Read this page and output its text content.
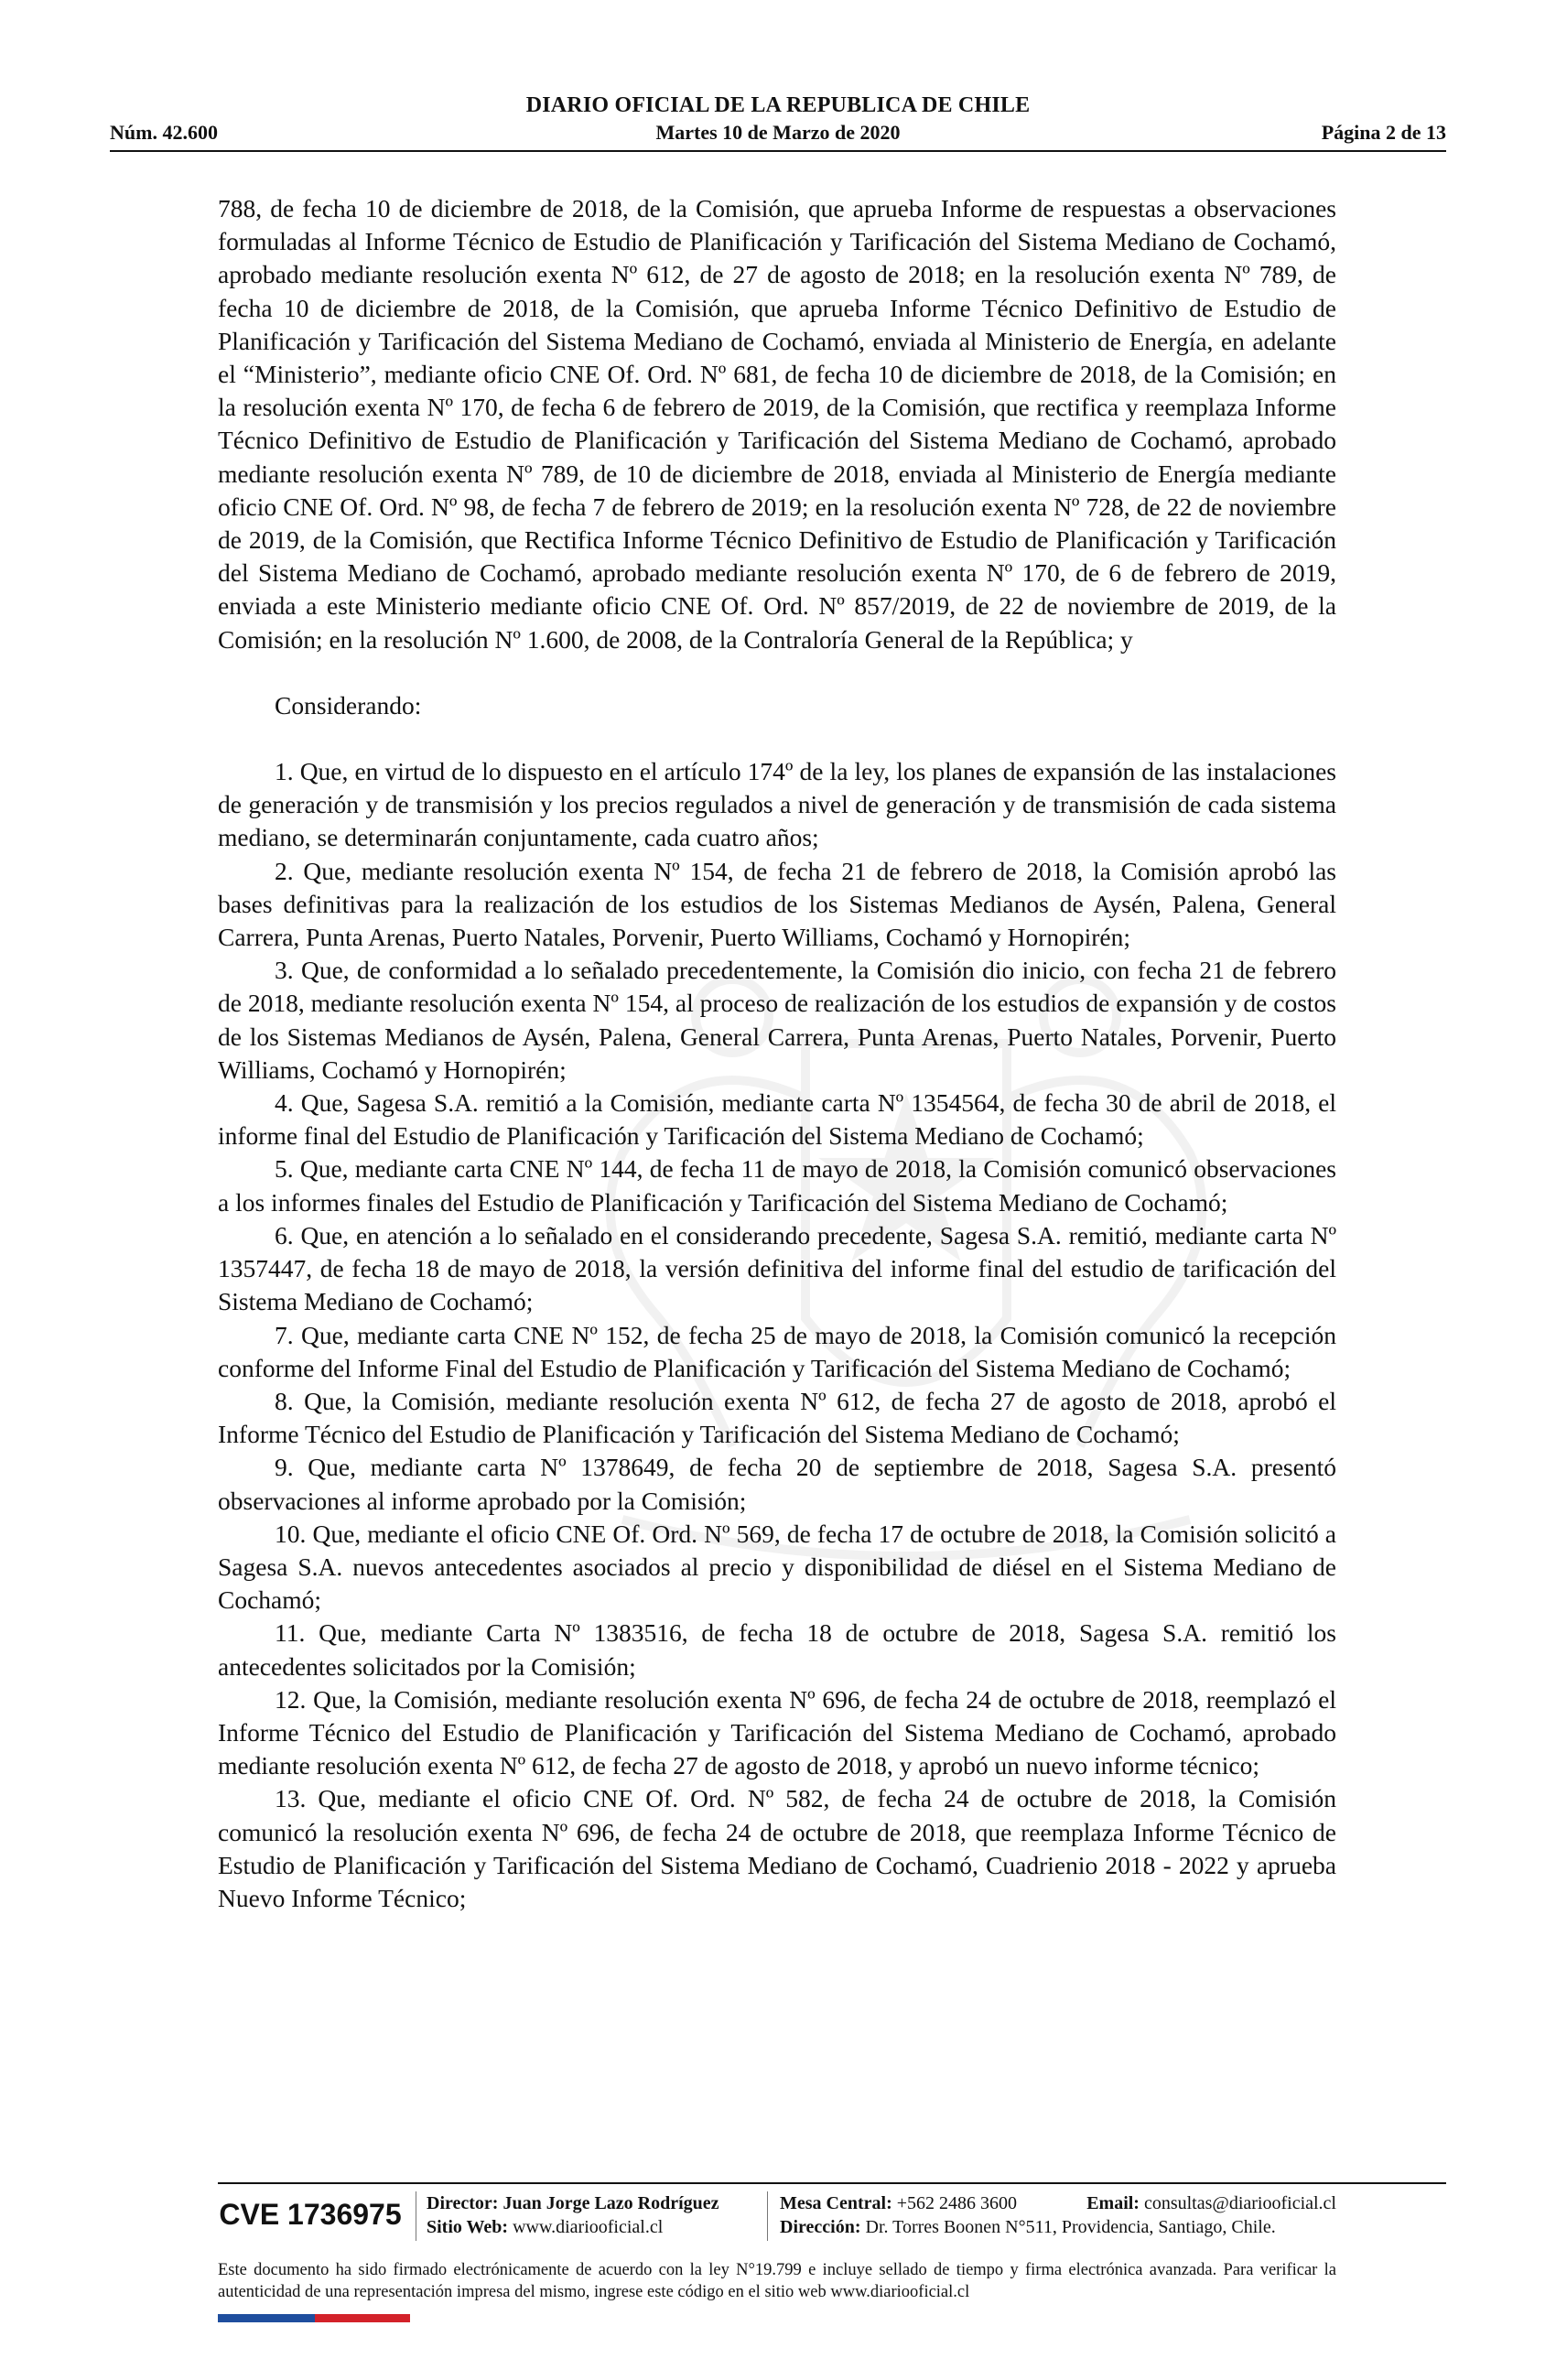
DIARIO OFICIAL DE LA REPUBLICA DE CHILE
Núm. 42.600	Martes 10 de Marzo de 2020	Página 2 de 13

788, de fecha 10 de diciembre de 2018, de la Comisión, que aprueba Informe de respuestas a observaciones formuladas al Informe Técnico de Estudio de Planificación y Tarificación del Sistema Mediano de Cochamó, aprobado mediante resolución exenta Nº 612, de 27 de agosto de 2018; en la resolución exenta Nº 789, de fecha 10 de diciembre de 2018, de la Comisión, que aprueba Informe Técnico Definitivo de Estudio de Planificación y Tarificación del Sistema Mediano de Cochamó, enviada al Ministerio de Energía, en adelante el “Ministerio”, mediante oficio CNE Of. Ord. Nº 681, de fecha 10 de diciembre de 2018, de la Comisión; en la resolución exenta Nº 170, de fecha 6 de febrero de 2019, de la Comisión, que rectifica y reemplaza Informe Técnico Definitivo de Estudio de Planificación y Tarificación del Sistema Mediano de Cochamó, aprobado mediante resolución exenta Nº 789, de 10 de diciembre de 2018, enviada al Ministerio de Energía mediante oficio CNE Of. Ord. Nº 98, de fecha 7 de febrero de 2019; en la resolución exenta Nº 728, de 22 de noviembre de 2019, de la Comisión, que Rectifica Informe Técnico Definitivo de Estudio de Planificación y Tarificación del Sistema Mediano de Cochamó, aprobado mediante resolución exenta Nº 170, de 6 de febrero de 2019, enviada a este Ministerio mediante oficio CNE Of. Ord. Nº 857/2019, de 22 de noviembre de 2019, de la Comisión; en la resolución Nº 1.600, de 2008, de la Contraloría General de la República; y

Considerando:

1. Que, en virtud de lo dispuesto en el artículo 174º de la ley, los planes de expansión de las instalaciones de generación y de transmisión y los precios regulados a nivel de generación y de transmisión de cada sistema mediano, se determinarán conjuntamente, cada cuatro años;

2. Que, mediante resolución exenta Nº 154, de fecha 21 de febrero de 2018, la Comisión aprobó las bases definitivas para la realización de los estudios de los Sistemas Medianos de Aysén, Palena, General Carrera, Punta Arenas, Puerto Natales, Porvenir, Puerto Williams, Cochamó y Hornopirén;

3. Que, de conformidad a lo señalado precedentemente, la Comisión dio inicio, con fecha 21 de febrero de 2018, mediante resolución exenta Nº 154, al proceso de realización de los estudios de expansión y de costos de los Sistemas Medianos de Aysén, Palena, General Carrera, Punta Arenas, Puerto Natales, Porvenir, Puerto Williams, Cochamó y Hornopirén;

4. Que, Sagesa S.A. remitió a la Comisión, mediante carta Nº 1354564, de fecha 30 de abril de 2018, el informe final del Estudio de Planificación y Tarificación del Sistema Mediano de Cochamó;

5. Que, mediante carta CNE Nº 144, de fecha 11 de mayo de 2018, la Comisión comunicó observaciones a los informes finales del Estudio de Planificación y Tarificación del Sistema Mediano de Cochamó;

6. Que, en atención a lo señalado en el considerando precedente, Sagesa S.A. remitió, mediante carta Nº 1357447, de fecha 18 de mayo de 2018, la versión definitiva del informe final del estudio de tarificación del Sistema Mediano de Cochamó;

7. Que, mediante carta CNE Nº 152, de fecha 25 de mayo de 2018, la Comisión comunicó la recepción conforme del Informe Final del Estudio de Planificación y Tarificación del Sistema Mediano de Cochamó;

8. Que, la Comisión, mediante resolución exenta Nº 612, de fecha 27 de agosto de 2018, aprobó el Informe Técnico del Estudio de Planificación y Tarificación del Sistema Mediano de Cochamó;

9. Que, mediante carta Nº 1378649, de fecha 20 de septiembre de 2018, Sagesa S.A. presentó observaciones al informe aprobado por la Comisión;

10. Que, mediante el oficio CNE Of. Ord. Nº 569, de fecha 17 de octubre de 2018, la Comisión solicitó a Sagesa S.A. nuevos antecedentes asociados al precio y disponibilidad de diésel en el Sistema Mediano de Cochamó;

11. Que, mediante Carta Nº 1383516, de fecha 18 de octubre de 2018, Sagesa S.A. remitió los antecedentes solicitados por la Comisión;

12. Que, la Comisión, mediante resolución exenta Nº 696, de fecha 24 de octubre de 2018, reemplazó el Informe Técnico del Estudio de Planificación y Tarificación del Sistema Mediano de Cochamó, aprobado mediante resolución exenta Nº 612, de fecha 27 de agosto de 2018, y aprobó un nuevo informe técnico;

13. Que, mediante el oficio CNE Of. Ord. Nº 582, de fecha 24 de octubre de 2018, la Comisión comunicó la resolución exenta Nº 696, de fecha 24 de octubre de 2018, que reemplaza Informe Técnico de Estudio de Planificación y Tarificación del Sistema Mediano de Cochamó, Cuadrienio 2018 - 2022 y aprueba Nuevo Informe Técnico;

CVE 1736975	Director: Juan Jorge Lazo Rodríguez
Sitio Web: www.diariooficial.cl
Mesa Central: +562 2486 3600	Email: consultas@diariooficial.cl
Dirección: Dr. Torres Boonen N°511, Providencia, Santiago, Chile.
Este documento ha sido firmado electrónicamente de acuerdo con la ley N°19.799 e incluye sellado de tiempo y firma electrónica avanzada. Para verificar la autenticidad de una representación impresa del mismo, ingrese este código en el sitio web www.diariooficial.cl
